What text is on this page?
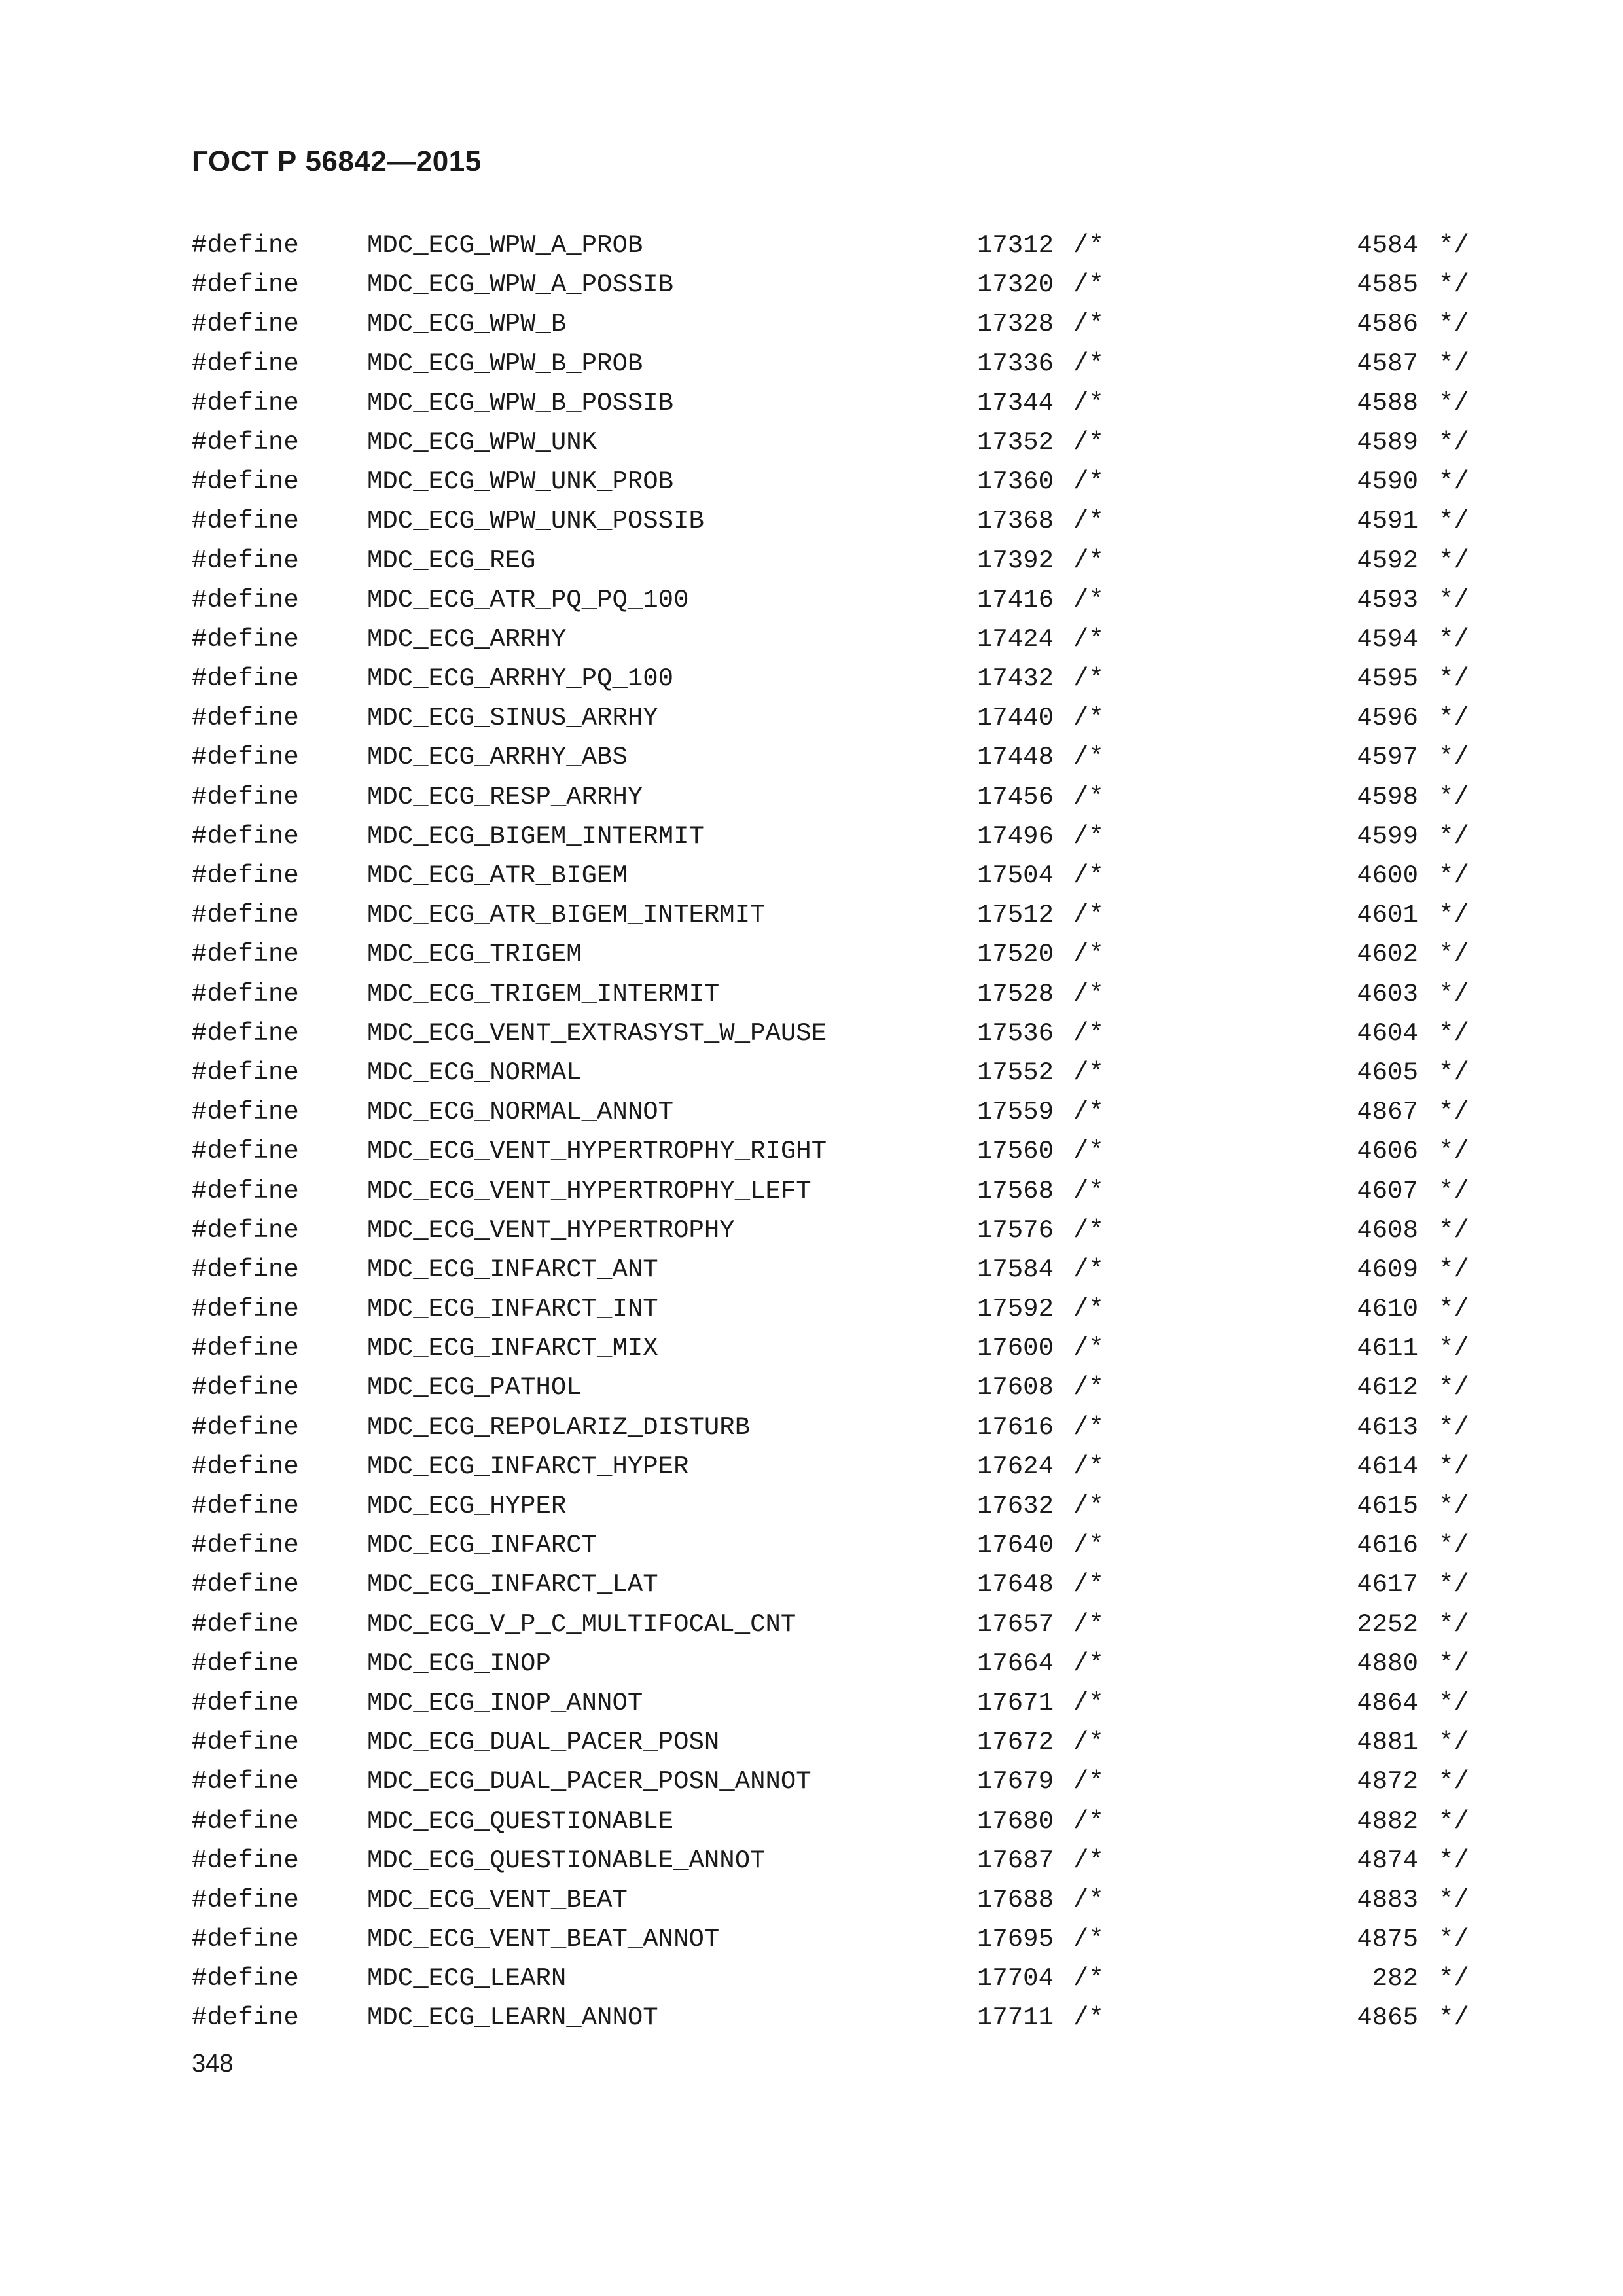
ГОСТ Р 56842—2015
#define	MDC_ECG_WPW_A_PROB	17312 /*	4584 */
#define	MDC_ECG_WPW_A_POSSIB	17320 /*	4585 */
#define	MDC_ECG_WPW_B	17328 /*	4586 */
#define	MDC_ECG_WPW_B_PROB	17336 /*	4587 */
#define	MDC_ECG_WPW_B_POSSIB	17344 /*	4588 */
#define	MDC_ECG_WPW_UNK	17352 /*	4589 */
#define	MDC_ECG_WPW_UNK_PROB	17360 /*	4590 */
#define	MDC_ECG_WPW_UNK_POSSIB	17368 /*	4591 */
#define	MDC_ECG_REG	17392 /*	4592 */
#define	MDC_ECG_ATR_PQ_PQ_100	17416 /*	4593 */
#define	MDC_ECG_ARRHY	17424 /*	4594 */
#define	MDC_ECG_ARRHY_PQ_100	17432 /*	4595 */
#define	MDC_ECG_SINUS_ARRHY	17440 /*	4596 */
#define	MDC_ECG_ARRHY_ABS	17448 /*	4597 */
#define	MDC_ECG_RESP_ARRHY	17456 /*	4598 */
#define	MDC_ECG_BIGEM_INTERMIT	17496 /*	4599 */
#define	MDC_ECG_ATR_BIGEM	17504 /*	4600 */
#define	MDC_ECG_ATR_BIGEM_INTERMIT	17512 /*	4601 */
#define	MDC_ECG_TRIGEM	17520 /*	4602 */
#define	MDC_ECG_TRIGEM_INTERMIT	17528 /*	4603 */
#define	MDC_ECG_VENT_EXTRASYST_W_PAUSE	17536 /*	4604 */
#define	MDC_ECG_NORMAL	17552 /*	4605 */
#define	MDC_ECG_NORMAL_ANNOT	17559 /*	4867 */
#define	MDC_ECG_VENT_HYPERTROPHY_RIGHT	17560 /*	4606 */
#define	MDC_ECG_VENT_HYPERTROPHY_LEFT	17568 /*	4607 */
#define	MDC_ECG_VENT_HYPERTROPHY	17576 /*	4608 */
#define	MDC_ECG_INFARCT_ANT	17584 /*	4609 */
#define	MDC_ECG_INFARCT_INT	17592 /*	4610 */
#define	MDC_ECG_INFARCT_MIX	17600 /*	4611 */
#define	MDC_ECG_PATHOL	17608 /*	4612 */
#define	MDC_ECG_REPOLARIZ_DISTURB	17616 /*	4613 */
#define	MDC_ECG_INFARCT_HYPER	17624 /*	4614 */
#define	MDC_ECG_HYPER	17632 /*	4615 */
#define	MDC_ECG_INFARCT	17640 /*	4616 */
#define	MDC_ECG_INFARCT_LAT	17648 /*	4617 */
#define	MDC_ECG_V_P_C_MULTIFOCAL_CNT	17657 /*	2252 */
#define	MDC_ECG_INOP	17664 /*	4880 */
#define	MDC_ECG_INOP_ANNOT	17671 /*	4864 */
#define	MDC_ECG_DUAL_PACER_POSN	17672 /*	4881 */
#define	MDC_ECG_DUAL_PACER_POSN_ANNOT	17679 /*	4872 */
#define	MDC_ECG_QUESTIONABLE	17680 /*	4882 */
#define	MDC_ECG_QUESTIONABLE_ANNOT	17687 /*	4874 */
#define	MDC_ECG_VENT_BEAT	17688 /*	4883 */
#define	MDC_ECG_VENT_BEAT_ANNOT	17695 /*	4875 */
#define	MDC_ECG_LEARN	17704 /*	282 */
#define	MDC_ECG_LEARN_ANNOT	17711 /*	4865 */
348
